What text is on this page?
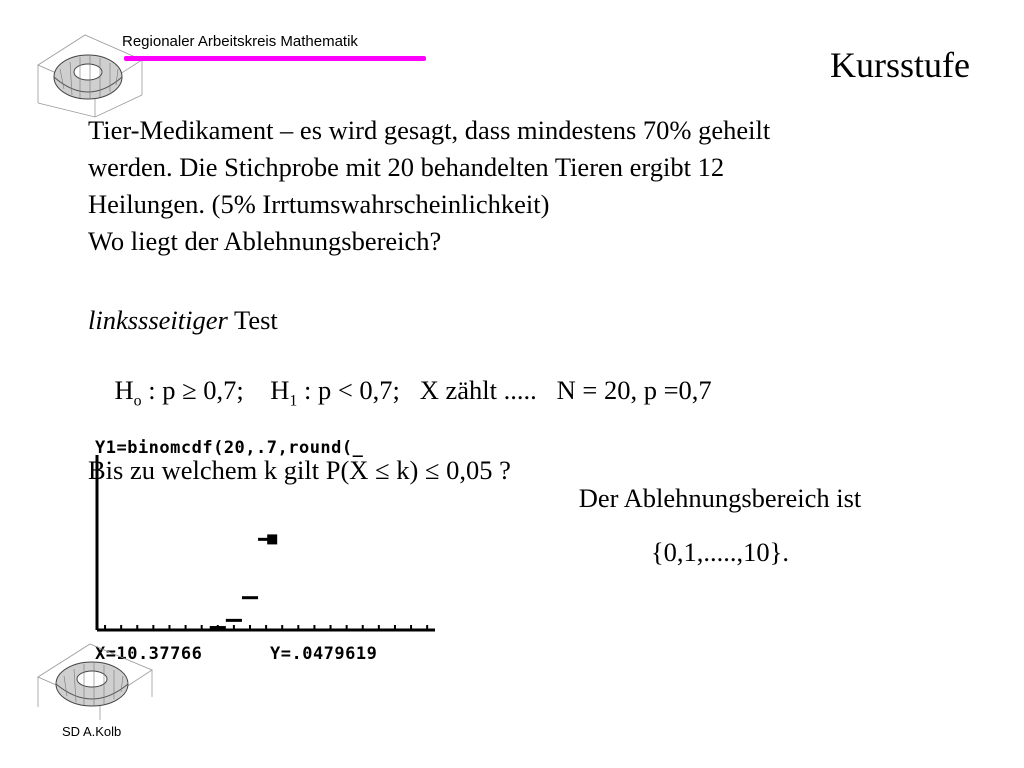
Regionaler Arbeitskreis Mathematik
Kursstufe
Tier-Medikament – es wird gesagt, dass mindestens 70% geheilt
werden. Die Stichprobe mit 20 behandelten Tieren ergibt 12
Heilungen. (5% Irrtumswahrscheinlichkeit)
Wo liegt der Ablehnungsbereich?
linkssseitiger Test

$H_o$ : p ≥ 0,7; $H_1$ : p < 0,7; X zählt ..... N = 20, p =0,7

Bis zu welchem k gilt P(X ≤ k) ≤ 0,05 ?
Y1=binomcdf(20,.7,round(_
X=10.37766	Y=.0479619
Der Ablehnungsbereich ist
{0,1,.....,10}.
SD A.Kolb
